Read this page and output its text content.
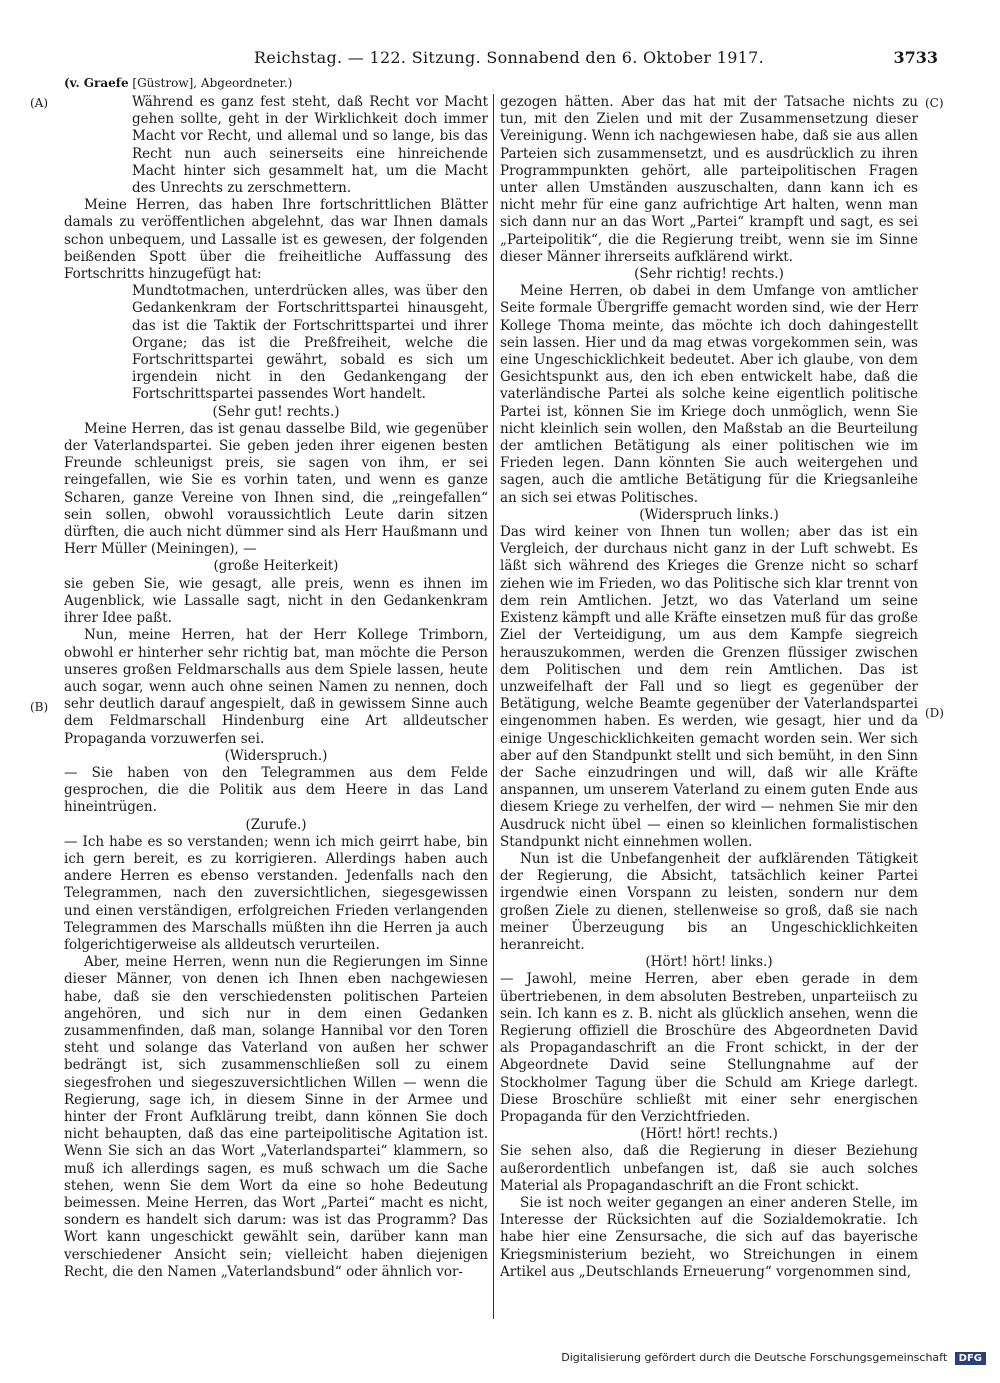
Reichstag. — 122. Sitzung. Sonnabend den 6. Oktober 1917.	3733
(v. Graefe [Güstrow], Abgeordneter.)
(A)
(B)
(C)
(D)

Während es ganz fest steht, daß Recht vor Macht gehen sollte, geht in der Wirklichkeit doch immer Macht vor Recht, und allemal und so lange, bis das Recht nun auch seinerseits eine hinreichende Macht hinter sich gesammelt hat, um die Macht des Unrechts zu zerschmettern.

Meine Herren, das haben Ihre fortschrittlichen Blätter damals zu veröffentlichen abgelehnt, das war Ihnen damals schon unbequem, und Lassalle ist es gewesen, der folgenden beißenden Spott über die freiheitliche Auffassung des Fortschritts hinzugefügt hat:

Mundtotmachen, unterdrücken alles, was über den Gedankenkram der Fortschrittspartei hinausgeht, das ist die Taktik der Fortschrittspartei und ihrer Organe; das ist die Preßfreiheit, welche die Fortschrittspartei gewährt, sobald es sich um irgendein nicht in den Gedankengang der Fortschrittspartei passendes Wort handelt.

(Sehr gut! rechts.)

Meine Herren, das ist genau dasselbe Bild, wie gegenüber der Vaterlandspartei. Sie geben jeden ihrer eigenen besten Freunde schleunigst preis, sie sagen von ihm, er sei reingefallen, wie Sie es vorhin taten, und wenn es ganze Scharen, ganze Vereine von Ihnen sind, die „reingefallen“ sein sollen, obwohl voraussichtlich Leute darin sitzen dürften, die auch nicht dümmer sind als Herr Haußmann und Herr Müller (Meiningen), —

(große Heiterkeit)

sie geben Sie, wie gesagt, alle preis, wenn es ihnen im Augenblick, wie Lassalle sagt, nicht in den Gedankenkram ihrer Idee paßt.

Nun, meine Herren, hat der Herr Kollege Trimborn, obwohl er hinterher sehr richtig bat, man möchte die Person unseres großen Feldmarschalls aus dem Spiele lassen, heute auch sogar, wenn auch ohne seinen Namen zu nennen, doch sehr deutlich darauf angespielt, daß in gewissem Sinne auch dem Feldmarschall Hindenburg eine Art alldeutscher Propaganda vorzuwerfen sei.

(Widerspruch.)

— Sie haben von den Telegrammen aus dem Felde gesprochen, die die Politik aus dem Heere in das Land hineintrügen.

(Zurufe.)

— Ich habe es so verstanden; wenn ich mich geirrt habe, bin ich gern bereit, es zu korrigieren. Allerdings haben auch andere Herren es ebenso verstanden. Jedenfalls nach den Telegrammen, nach den zuversichtlichen, siegesgewissen und einen verständigen, erfolgreichen Frieden verlangenden Telegrammen des Marschalls müßten ihn die Herren ja auch folgerichtigerweise als alldeutsch verurteilen.

Aber, meine Herren, wenn nun die Regierungen im Sinne dieser Männer, von denen ich Ihnen eben nachgewiesen habe, daß sie den verschiedensten politischen Parteien angehören, und sich nur in dem einen Gedanken zusammenfinden, daß man, solange Hannibal vor den Toren steht und solange das Vaterland von außen her schwer bedrängt ist, sich zusammenschließen soll zu einem siegesfrohen und siegeszuversichtlichen Willen — wenn die Regierung, sage ich, in diesem Sinne in der Armee und hinter der Front Aufklärung treibt, dann können Sie doch nicht behaupten, daß das eine parteipolitische Agitation ist. Wenn Sie sich an das Wort „Vaterlandspartei“ klammern, so muß ich allerdings sagen, es muß schwach um die Sache stehen, wenn Sie dem Wort da eine so hohe Bedeutung beimessen. Meine Herren, das Wort „Partei“ macht es nicht, sondern es handelt sich darum: was ist das Programm? Das Wort kann ungeschickt gewählt sein, darüber kann man verschiedener Ansicht sein; vielleicht haben diejenigen Recht, die den Namen „Vaterlandsbund“ oder ähnlich vor-

gezogen hätten. Aber das hat mit der Tatsache nichts zu tun, mit den Zielen und mit der Zusammensetzung dieser Vereinigung. Wenn ich nachgewiesen habe, daß sie aus allen Parteien sich zusammensetzt, und es ausdrücklich zu ihren Programmpunkten gehört, alle parteipolitischen Fragen unter allen Umständen auszuschalten, dann kann ich es nicht mehr für eine ganz aufrichtige Art halten, wenn man sich dann nur an das Wort „Partei“ krampft und sagt, es sei „Parteipolitik“, die die Regierung treibt, wenn sie im Sinne dieser Männer ihrerseits aufklärend wirkt.

(Sehr richtig! rechts.)

Meine Herren, ob dabei in dem Umfange von amtlicher Seite formale Übergriffe gemacht worden sind, wie der Herr Kollege Thoma meinte, das möchte ich doch dahingestellt sein lassen. Hier und da mag etwas vorgekommen sein, was eine Ungeschicklichkeit bedeutet. Aber ich glaube, von dem Gesichtspunkt aus, den ich eben entwickelt habe, daß die vaterländische Partei als solche keine eigentlich politische Partei ist, können Sie im Kriege doch unmöglich, wenn Sie nicht kleinlich sein wollen, den Maßstab an die Beurteilung der amtlichen Betätigung als einer politischen wie im Frieden legen. Dann könnten Sie auch weitergehen und sagen, auch die amtliche Betätigung für die Kriegsanleihe an sich sei etwas Politisches.

(Widerspruch links.)

Das wird keiner von Ihnen tun wollen; aber das ist ein Vergleich, der durchaus nicht ganz in der Luft schwebt. Es läßt sich während des Krieges die Grenze nicht so scharf ziehen wie im Frieden, wo das Politische sich klar trennt von dem rein Amtlichen. Jetzt, wo das Vaterland um seine Existenz kämpft und alle Kräfte einsetzen muß für das große Ziel der Verteidigung, um aus dem Kampfe siegreich herauszukommen, werden die Grenzen flüssiger zwischen dem Politischen und dem rein Amtlichen. Das ist unzweifelhaft der Fall und so liegt es gegenüber der Betätigung, welche Beamte gegenüber der Vaterlandspartei eingenommen haben. Es werden, wie gesagt, hier und da einige Ungeschicklichkeiten gemacht worden sein. Wer sich aber auf den Standpunkt stellt und sich bemüht, in den Sinn der Sache einzudringen und will, daß wir alle Kräfte anspannen, um unserem Vaterland zu einem guten Ende aus diesem Kriege zu verhelfen, der wird — nehmen Sie mir den Ausdruck nicht übel — einen so kleinlichen formalistischen Standpunkt nicht einnehmen wollen.

Nun ist die Unbefangenheit der aufklärenden Tätigkeit der Regierung, die Absicht, tatsächlich keiner Partei irgendwie einen Vorspann zu leisten, sondern nur dem großen Ziele zu dienen, stellenweise so groß, daß sie nach meiner Überzeugung bis an Ungeschicklichkeiten heranreicht.

(Hört! hört! links.)

— Jawohl, meine Herren, aber eben gerade in dem übertriebenen, in dem absoluten Bestreben, unparteiisch zu sein. Ich kann es z. B. nicht als glücklich ansehen, wenn die Regierung offiziell die Broschüre des Abgeordneten David als Propagandaschrift an die Front schickt, in der der Abgeordnete David seine Stellungnahme auf der Stockholmer Tagung über die Schuld am Kriege darlegt. Diese Broschüre schließt mit einer sehr energischen Propaganda für den Verzichtfrieden.

(Hört! hört! rechts.)

Sie sehen also, daß die Regierung in dieser Beziehung außerordentlich unbefangen ist, daß sie auch solches Material als Propagandaschrift an die Front schickt.

Sie ist noch weiter gegangen an einer anderen Stelle, im Interesse der Rücksichten auf die Sozialdemokratie. Ich habe hier eine Zensursache, die sich auf das bayerische Kriegsministerium bezieht, wo Streichungen in einem Artikel aus „Deutschlands Erneuerung“ vorgenommen sind,

Digitalisierung gefördert durch die Deutsche Forschungsgemeinschaft DFG
